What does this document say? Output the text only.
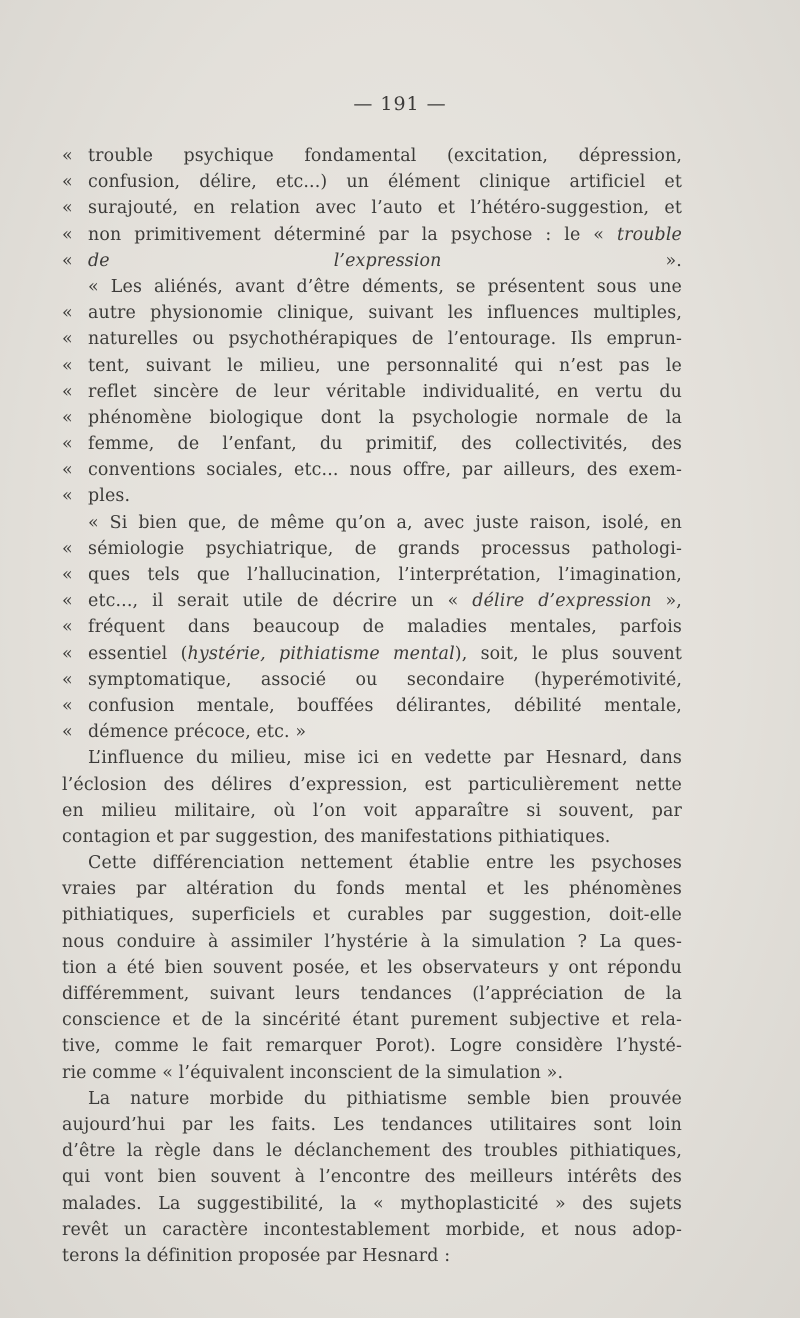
— 191 —
« trouble psychique fondamental (excitation, dépression,
« confusion, délire, etc...) un élément clinique artificiel et
« surajouté, en relation avec l’auto et l’hétéro-suggestion, et
« non primitivement déterminé par la psychose : le « trouble
« de l’expression ».
« Les aliénés, avant d’être déments, se présentent sous une
« autre physionomie clinique, suivant les influences multiples,
« naturelles ou psychothérapiques de l’entourage. Ils emprun-
« tent, suivant le milieu, une personnalité qui n’est pas le
« reflet sincère de leur véritable individualité, en vertu du
« phénomène biologique dont la psychologie normale de la
« femme, de l’enfant, du primitif, des collectivités, des
« conventions sociales, etc... nous offre, par ailleurs, des exem-
« ples.
« Si bien que, de même qu’on a, avec juste raison, isolé, en
« sémiologie psychiatrique, de grands processus pathologi-
« ques tels que l’hallucination, l’interprétation, l’imagination,
« etc..., il serait utile de décrire un « délire d’expression »,
« fréquent dans beaucoup de maladies mentales, parfois
« essentiel (hystérie, pithiatisme mental), soit, le plus souvent
« symptomatique, associé ou secondaire (hyperémotivité,
« confusion mentale, bouffées délirantes, débilité mentale,
« démence précoce, etc. »
L’influence du milieu, mise ici en vedette par Hesnard, dans
l’éclosion des délires d’expression, est particulièrement nette
en milieu militaire, où l’on voit apparaître si souvent, par
contagion et par suggestion, des manifestations pithiatiques.
Cette différenciation nettement établie entre les psychoses
vraies par altération du fonds mental et les phénomènes
pithiatiques, superficiels et curables par suggestion, doit-elle
nous conduire à assimiler l’hystérie à la simulation ? La ques-
tion a été bien souvent posée, et les observateurs y ont répondu
différemment, suivant leurs tendances (l’appréciation de la
conscience et de la sincérité étant purement subjective et rela-
tive, comme le fait remarquer Porot). Logre considère l’hysté-
rie comme « l’équivalent inconscient de la simulation ».
La nature morbide du pithiatisme semble bien prouvée
aujourd’hui par les faits. Les tendances utilitaires sont loin
d’être la règle dans le déclanchement des troubles pithiatiques,
qui vont bien souvent à l’encontre des meilleurs intérêts des
malades. La suggestibilité, la « mythoplasticité » des sujets
revêt un caractère incontestablement morbide, et nous adop-
terons la définition proposée par Hesnard :
